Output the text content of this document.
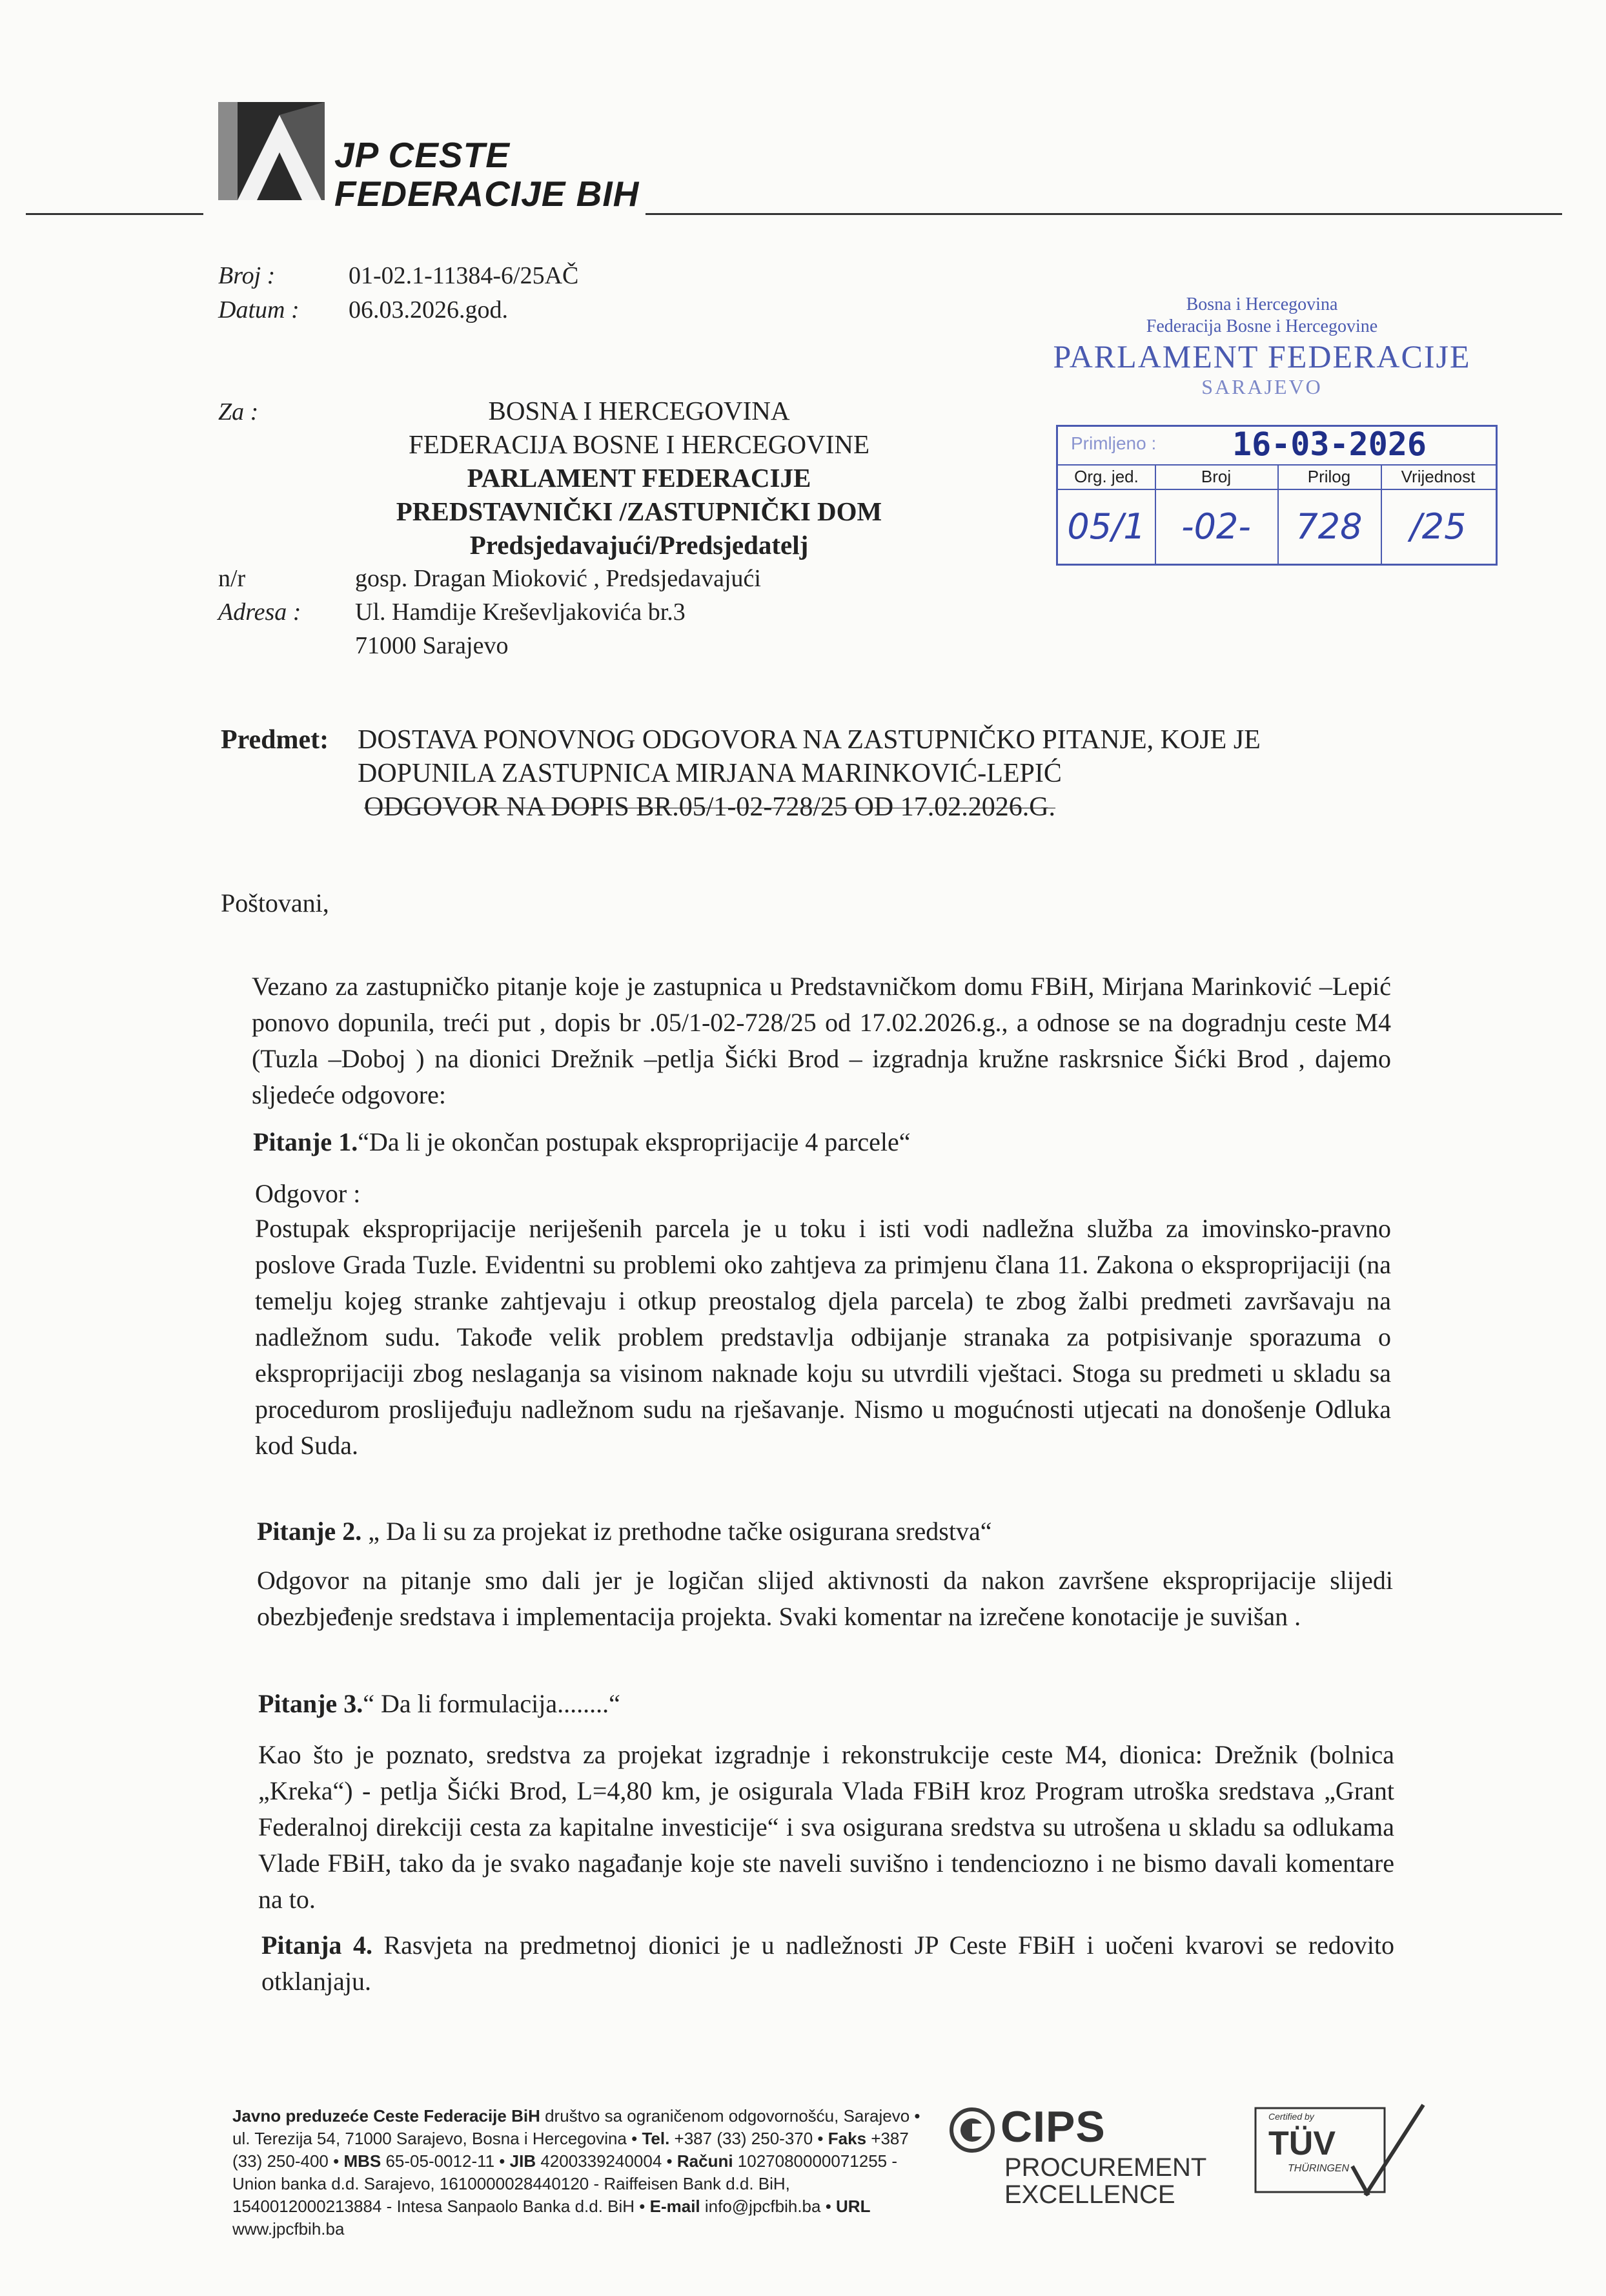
JP CESTE
FEDERACIJE BIH
Broj :	01-02.1-11384-6/25AČ
Datum : 06.03.2026.god.
Za :	BOSNA I HERCEGOVINA
FEDERACIJA BOSNE I HERCEGOVINE
PARLAMENT FEDERACIJE
PREDSTAVNIČKI /ZASTUPNIČKI DOM
Predsjedavajući/Predsjedatelj
n/r	gosp. Dragan Mioković , Predsjedavajući
Adresa : Ul. Hamdije Kreševljakovića br.3
71000 Sarajevo
Bosna i Hercegovina
Federacija Bosne i Hercegovine
PARLAMENT FEDERACIJE
SARAJEVO
Primljeno : 16-03-2026
Org. jed.	Broj	Prilog	Vrijednost
05/1	-02-	728	/25
Predmet:	DOSTAVA PONOVNOG ODGOVORA NA ZASTUPNIČKO PITANJE, KOJE JE
DOPUNILA ZASTUPNICA MIRJANA MARINKOVIĆ-LEPIĆ
ODGOVOR NA DOPIS BR.05/1-02-728/25 OD 17.02.2026.G.
Poštovani,
Vezano za zastupničko pitanje koje je zastupnica u Predstavničkom domu FBiH, Mirjana Marinković –Lepić ponovo dopunila, treći put , dopis br .05/1-02-728/25 od 17.02.2026.g., a odnose se na dogradnju ceste M4 (Tuzla –Doboj ) na dionici Drežnik –petlja Šićki Brod – izgradnja kružne raskrsnice Šićki Brod , dajemo sljedeće odgovore:
Pitanje 1.“Da li je okončan postupak eksproprijacije 4 parcele“
Odgovor :
Postupak eksproprijacije neriješenih parcela je u toku i isti vodi nadležna služba za imovinsko-pravno poslove Grada Tuzle. Evidentni su problemi oko zahtjeva za primjenu člana 11. Zakona o eksproprijaciji (na temelju kojeg stranke zahtjevaju i otkup preostalog djela parcela) te zbog žalbi predmeti završavaju na nadležnom sudu. Takođe velik problem predstavlja odbijanje stranaka za potpisivanje sporazuma o eksproprijaciji zbog neslaganja sa visinom naknade koju su utvrdili vještaci. Stoga su predmeti u skladu sa procedurom proslijeđuju nadležnom sudu na rješavanje. Nismo u mogućnosti utjecati na donošenje Odluka kod Suda.
Pitanje 2. „ Da li su za projekat iz prethodne tačke osigurana sredstva“
Odgovor na pitanje smo dali jer je logičan slijed aktivnosti da nakon završene eksproprijacije slijedi obezbjeđenje sredstava i implementacija projekta. Svaki komentar na izrečene konotacije je suvišan .
Pitanje 3.“ Da li formulacija........“
Kao što je poznato, sredstva za projekat izgradnje i rekonstrukcije ceste M4, dionica: Drežnik (bolnica „Kreka“) - petlja Šićki Brod, L=4,80 km, je osigurala Vlada FBiH kroz Program utroška sredstava „Grant Federalnoj direkciji cesta za kapitalne investicije“ i sva osigurana sredstva su utrošena u skladu sa odlukama Vlade FBiH, tako da je svako nagađanje koje ste naveli suvišno i tendenciozno i ne bismo davali komentare na to.
Pitanja 4. Rasvjeta na predmetnoj dionici je u nadležnosti JP Ceste FBiH i uočeni kvarovi se redovito otklanjaju.
Javno preduzeće Ceste Federacije BiH društvo sa ograničenom odgovornošću, Sarajevo • ul. Terezija 54, 71000 Sarajevo, Bosna i Hercegovina • Tel. +387 (33) 250-370 • Faks +387 (33) 250-400 • MBS 65-05-0012-11 • JIB 4200339240004 • Računi 1027080000071255 - Union banka d.d. Sarajevo, 1610000028440120 - Raiffeisen Bank d.d. BiH, 1540012000213884 - Intesa Sanpaolo Banka d.d. BiH • E-mail info@jpcfbih.ba • URL www.jpcfbih.ba
CIPS
PROCUREMENT
EXCELLENCE
Certified by
TÜV
THÜRINGEN
